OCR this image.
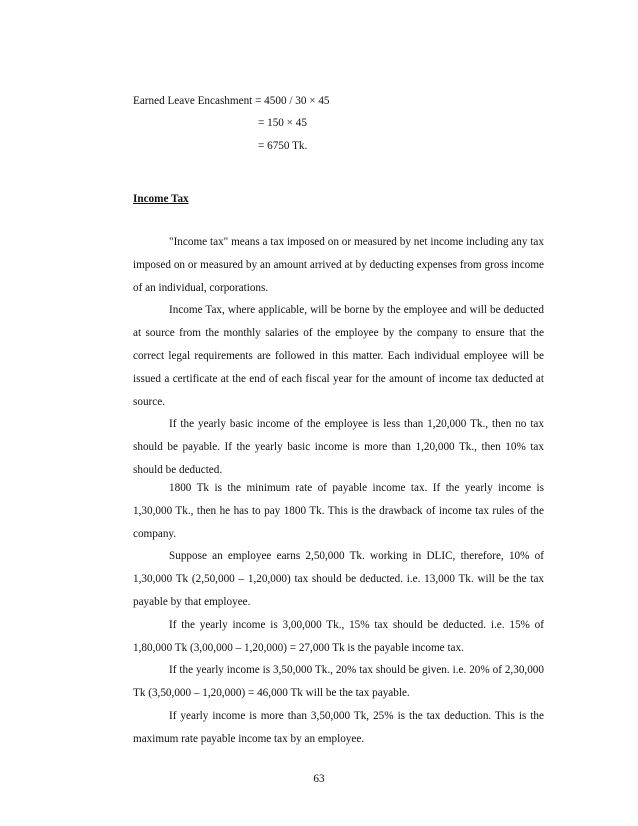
Earned Leave Encashment = 4500 / 30 × 45
= 150 × 45
= 6750 Tk.
Income Tax

"Income tax" means a tax imposed on or measured by net income including any tax imposed on or measured by an amount arrived at by deducting expenses from gross income of an individual, corporations.

Income Tax, where applicable, will be borne by the employee and will be deducted at source from the monthly salaries of the employee by the company to ensure that the correct legal requirements are followed in this matter. Each individual employee will be issued a certificate at the end of each fiscal year for the amount of income tax deducted at source.

If the yearly basic income of the employee is less than 1,20,000 Tk., then no tax should be payable. If the yearly basic income is more than 1,20,000 Tk., then 10% tax should be deducted.

1800 Tk is the minimum rate of payable income tax. If the yearly income is 1,30,000 Tk., then he has to pay 1800 Tk. This is the drawback of income tax rules of the company.

Suppose an employee earns 2,50,000 Tk. working in DLIC, therefore, 10% of 1,30,000 Tk (2,50,000 – 1,20,000) tax should be deducted. i.e. 13,000 Tk. will be the tax payable by that employee.

If the yearly income is 3,00,000 Tk., 15% tax should be deducted. i.e. 15% of 1,80,000 Tk (3,00,000 – 1,20,000) = 27,000 Tk is the payable income tax.

If the yearly income is 3,50,000 Tk., 20% tax should be given. i.e. 20% of 2,30,000 Tk (3,50,000 – 1,20,000) = 46,000 Tk will be the tax payable.

If yearly income is more than 3,50,000 Tk, 25% is the tax deduction. This is the maximum rate payable income tax by an employee.

63
